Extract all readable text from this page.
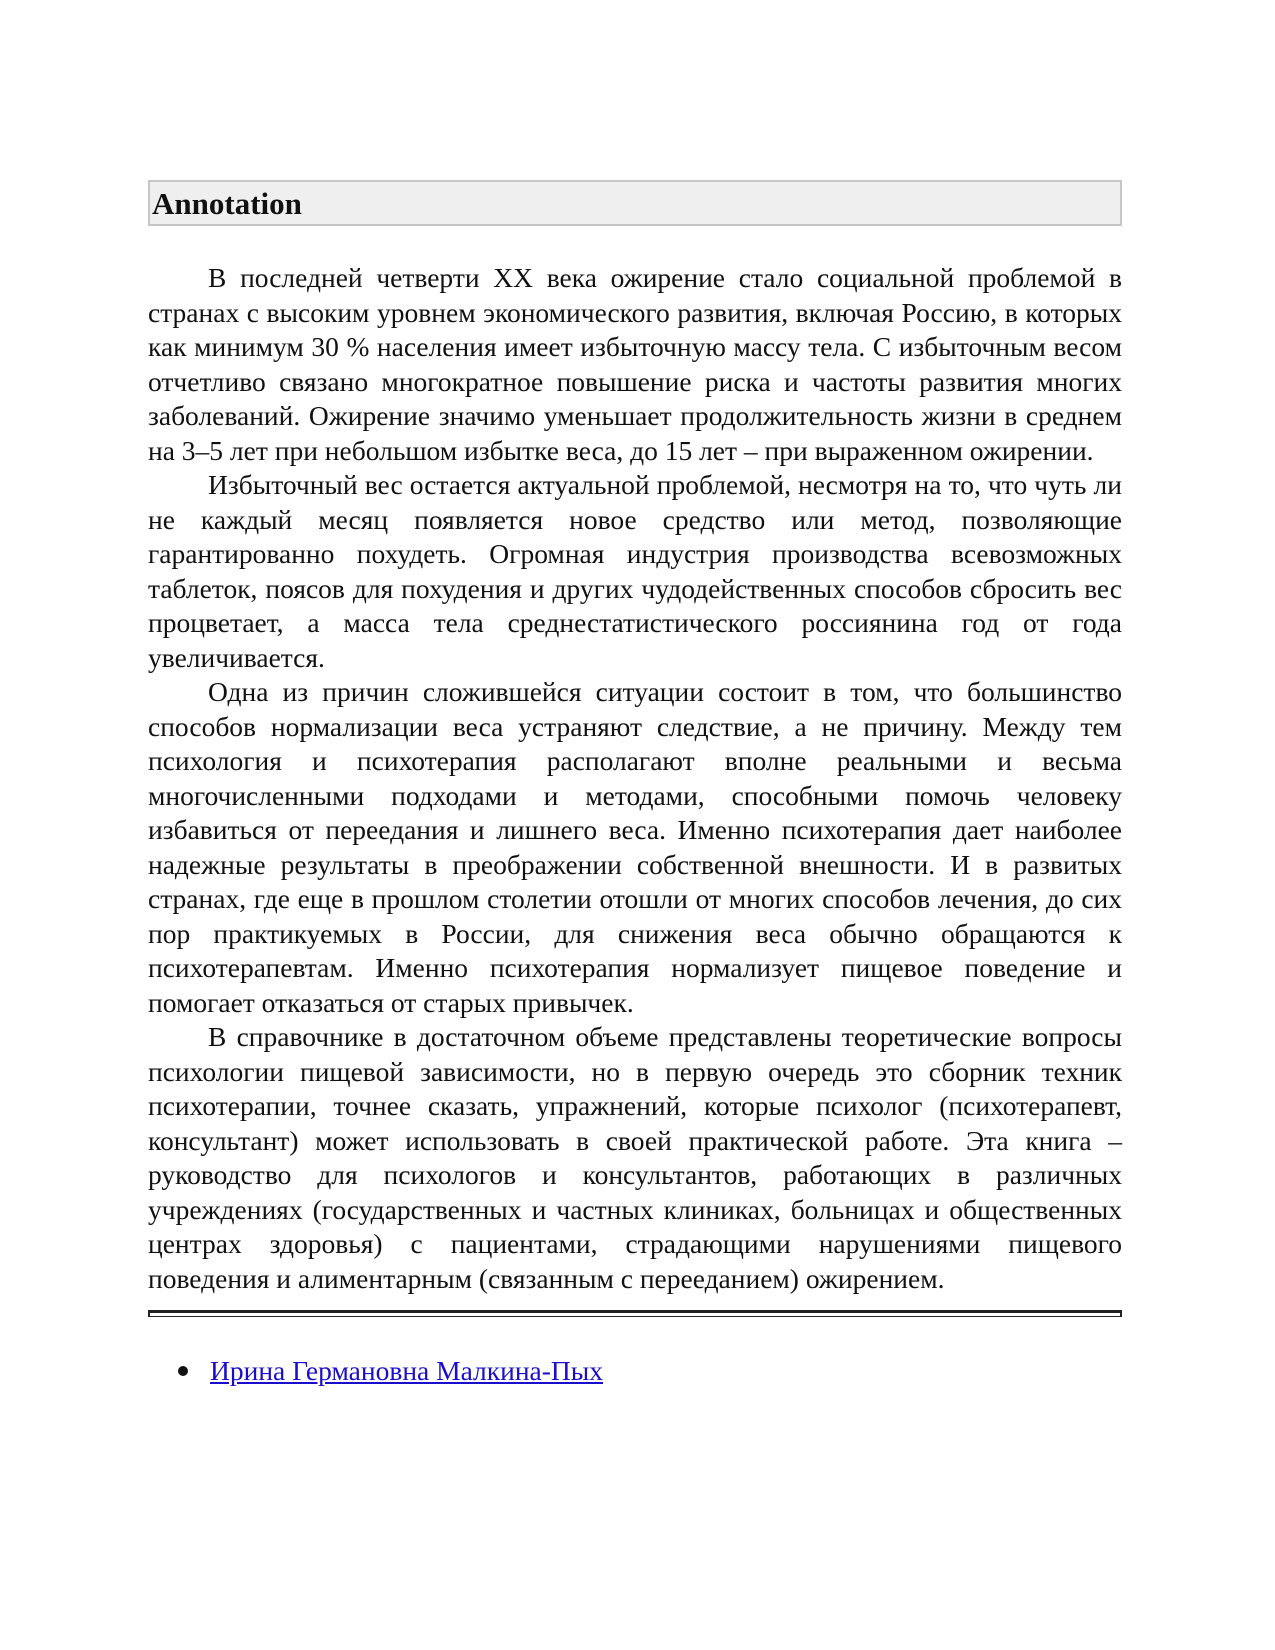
Annotation

В последней четверти XX века ожирение стало социальной проблемой в странах с высоким уровнем экономического развития, включая Россию, в которых как минимум 30 % населения имеет избыточную массу тела. С избыточным весом отчетливо связано многократное повышение риска и частоты развития многих заболеваний. Ожирение значимо уменьшает продолжительность жизни в среднем на 3–5 лет при небольшом избытке веса, до 15 лет – при выраженном ожирении.

Избыточный вес остается актуальной проблемой, несмотря на то, что чуть ли не каждый месяц появляется новое средство или метод, позволяющие гарантированно похудеть. Огромная индустрия производства всевозможных таблеток, поясов для похудения и других чудодейственных способов сбросить вес процветает, а масса тела среднестатистического россиянина год от года увеличивается.

Одна из причин сложившейся ситуации состоит в том, что большинство способов нормализации веса устраняют следствие, а не причину. Между тем психология и психотерапия располагают вполне реальными и весьма многочисленными подходами и методами, способными помочь человеку избавиться от переедания и лишнего веса. Именно психотерапия дает наиболее надежные результаты в преображении собственной внешности. И в развитых странах, где еще в прошлом столетии отошли от многих способов лечения, до сих пор практикуемых в России, для снижения веса обычно обращаются к психотерапевтам. Именно психотерапия нормализует пищевое поведение и помогает отказаться от старых привычек.

В справочнике в достаточном объеме представлены теоретические вопросы психологии пищевой зависимости, но в первую очередь это сборник техник психотерапии, точнее сказать, упражнений, которые психолог (психотерапевт, консультант) может использовать в своей практической работе. Эта книга – руководство для психологов и консультантов, работающих в различных учреждениях (государственных и частных клиниках, больницах и общественных центрах здоровья) с пациентами, страдающими нарушениями пищевого поведения и алиментарным (связанным с перееданием) ожирением.

Ирина Германовна Малкина-Пых
